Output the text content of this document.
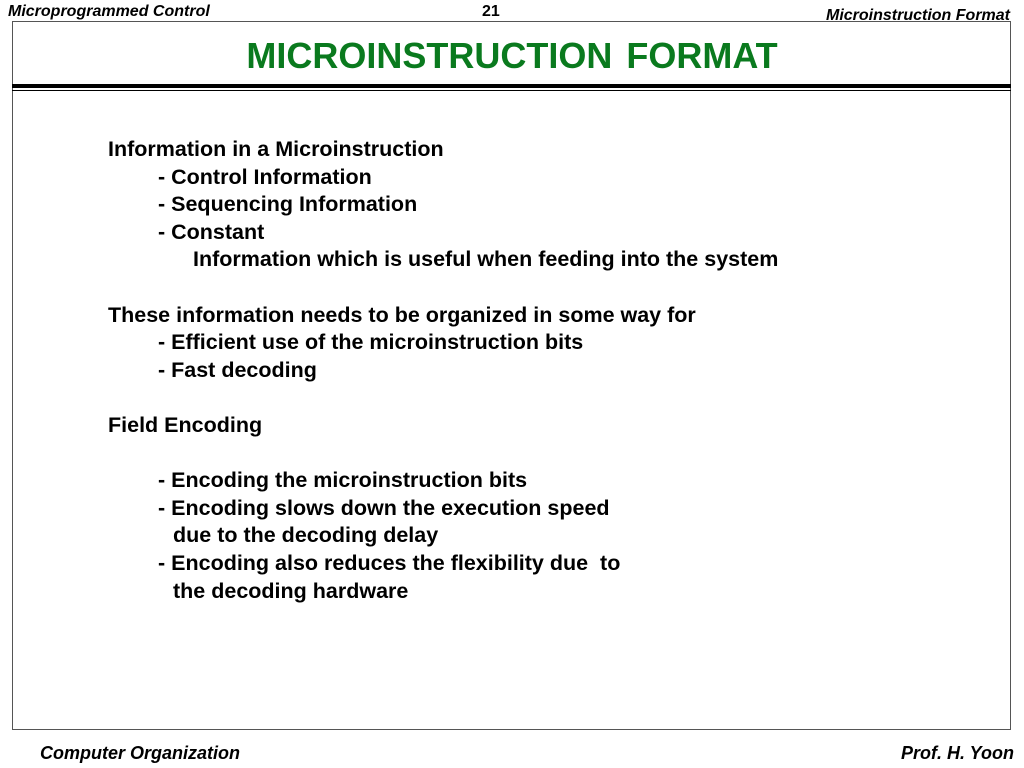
Microprogrammed Control	21	Microinstruction Format
MICROINSTRUCTION FORMAT
Information in a Microinstruction
- Control Information
- Sequencing Information
- Constant
Information which is useful when feeding into the system
These information needs to be organized in some way for
- Efficient use of the microinstruction bits
- Fast decoding
Field Encoding
- Encoding the microinstruction bits
- Encoding slows down the execution speed
due to the decoding delay
- Encoding also reduces the flexibility due  to
the decoding hardware
Computer Organization	Prof. H. Yoon
